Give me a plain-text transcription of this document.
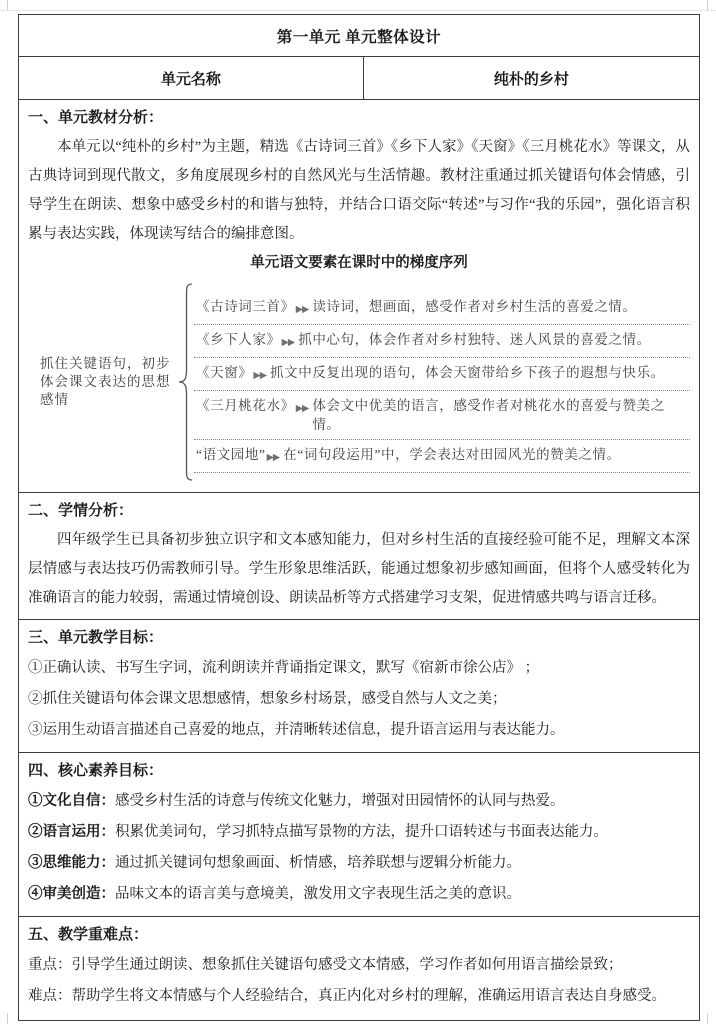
第一单元 单元整体设计
单元名称	纯朴的乡村

一、单元教材分析：

本单元以“纯朴的乡村”为主题，精选《古诗词三首》《乡下人家》《天窗》《三月桃花水》等课文，从古典诗词到现代散文，多角度展现乡村的自然风光与生活情趣。教材注重通过抓关键语句体会情感，引导学生在朗读、想象中感受乡村的和谐与独特，并结合口语交际“转述”与习作“我的乐园”，强化语言积累与表达实践，体现读写结合的编排意图。

单元语文要素在课时中的梯度序列

抓住关键语句，初步体会课文表达的思想感情
《古诗词三首》 ▶▶ 读诗词，想画面，感受作者对乡村生活的喜爱之情。
《乡下人家》 ▶▶ 抓中心句，体会作者对乡村独特、迷人风景的喜爱之情。
《天窗》 ▶▶ 抓文中反复出现的语句，体会天窗带给乡下孩子的遐想与快乐。
《三月桃花水》 ▶▶ 体会文中优美的语言，感受作者对桃花水的喜爱与赞美之情。
“语文园地” ▶▶ 在“词句段运用”中，学会表达对田园风光的赞美之情。

二、学情分析：

四年级学生已具备初步独立识字和文本感知能力，但对乡村生活的直接经验可能不足，理解文本深层情感与表达技巧仍需教师引导。学生形象思维活跃，能通过想象初步感知画面，但将个人感受转化为准确语言的能力较弱，需通过情境创设、朗读品析等方式搭建学习支架，促进情感共鸣与语言迁移。

三、单元教学目标：

①正确认读、书写生字词，流利朗读并背诵指定课文，默写《宿新市徐公店》 ；

②抓住关键语句体会课文思想感情，想象乡村场景，感受自然与人文之美；

③运用生动语言描述自己喜爱的地点，并清晰转述信息，提升语言运用与表达能力。

四、核心素养目标：

①文化自信：感受乡村生活的诗意与传统文化魅力，增强对田园情怀的认同与热爱。

②语言运用：积累优美词句，学习抓特点描写景物的方法，提升口语转述与书面表达能力。

③思维能力：通过抓关键词句想象画面、析情感，培养联想与逻辑分析能力。

④审美创造：品味文本的语言美与意境美，激发用文字表现生活之美的意识。

五、教学重难点：

重点：引导学生通过朗读、想象抓住关键语句感受文本情感，学习作者如何用语言描绘景致；

难点：帮助学生将文本情感与个人经验结合，真正内化对乡村的理解，准确运用语言表达自身感受。
